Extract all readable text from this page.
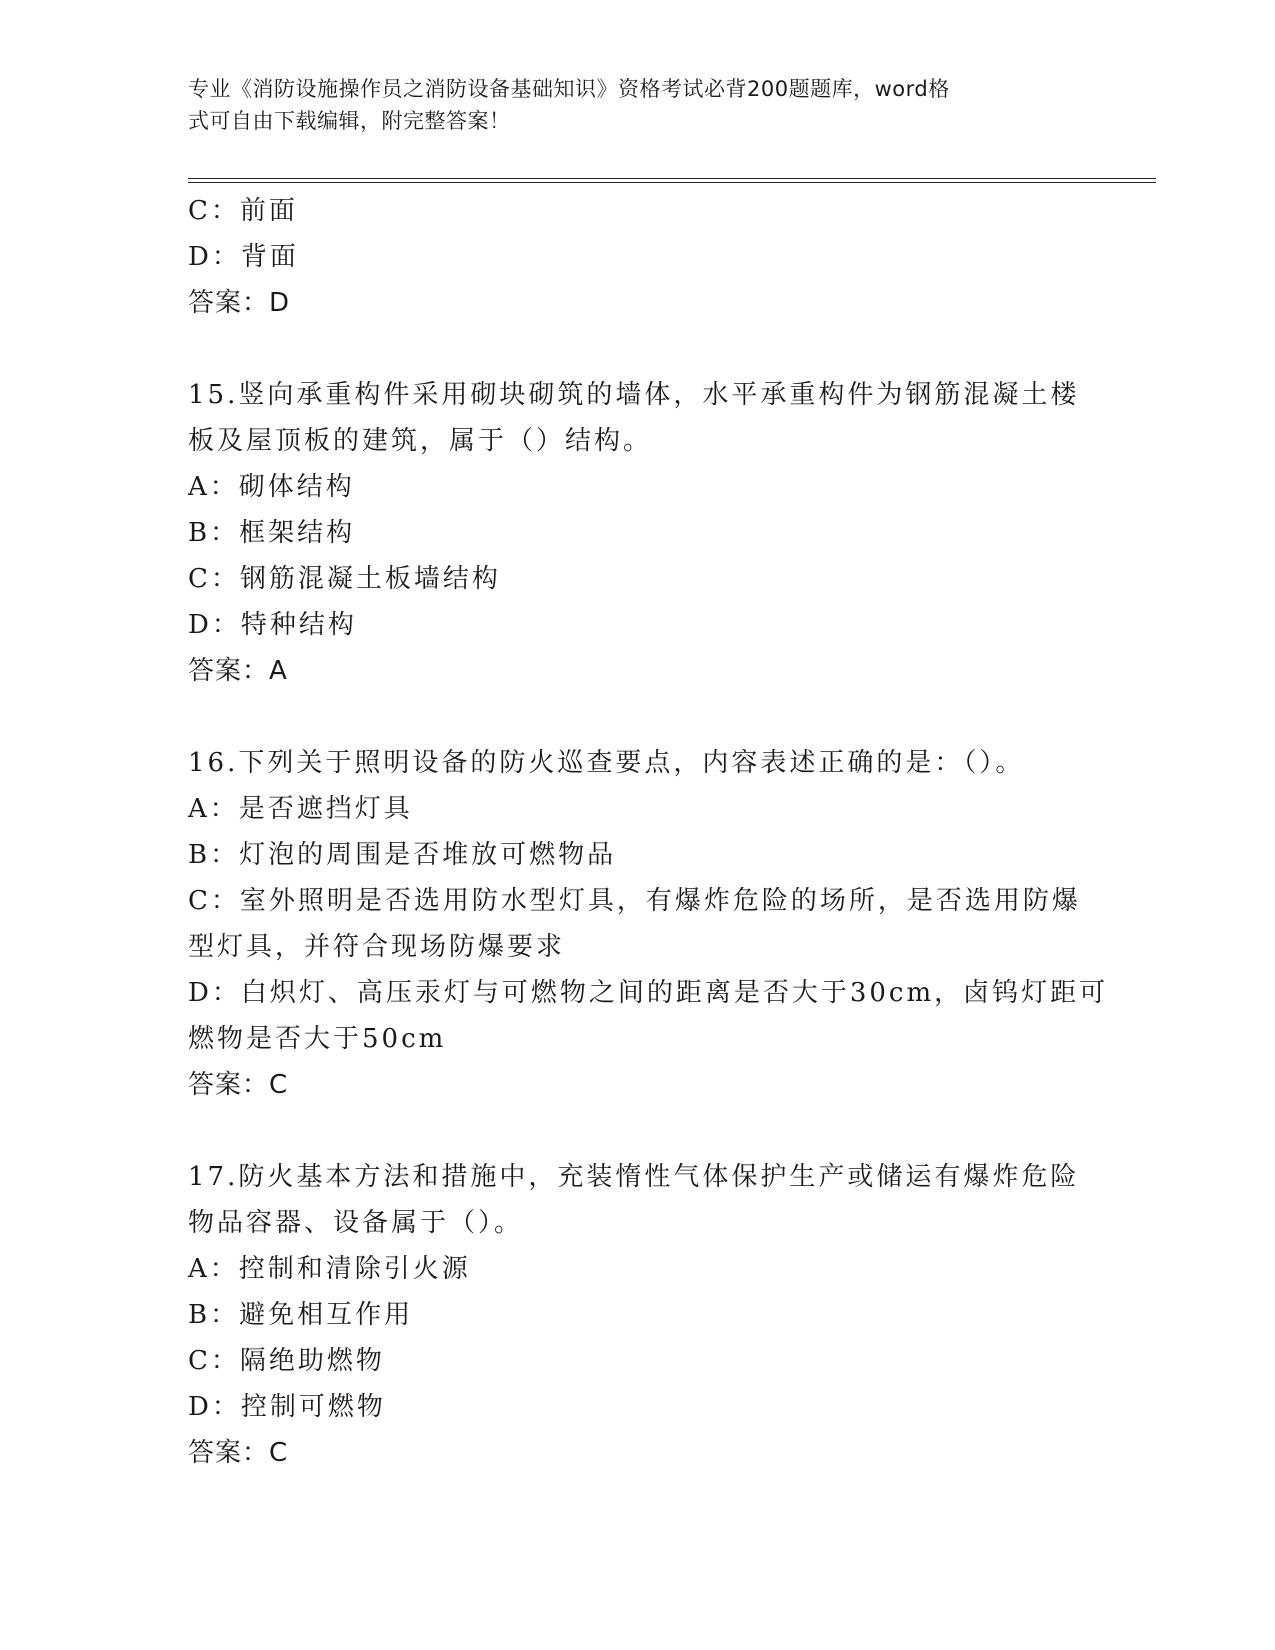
专业《消防设施操作员之消防设备基础知识》资格考试必背200题题库，word格
式可自由下载编辑，附完整答案！
C：前面
D：背面
答案：D
15.竖向承重构件采用砌块砌筑的墙体，水平承重构件为钢筋混凝土楼
板及屋顶板的建筑，属于（）结构。
A：砌体结构
B：框架结构
C：钢筋混凝土板墙结构
D：特种结构
答案：A
16.下列关于照明设备的防火巡查要点，内容表述正确的是：（）。
A：是否遮挡灯具
B：灯泡的周围是否堆放可燃物品
C：室外照明是否选用防水型灯具，有爆炸危险的场所，是否选用防爆
型灯具，并符合现场防爆要求
D：白炽灯、高压汞灯与可燃物之间的距离是否大于30cm，卤钨灯距可
燃物是否大于50cm
答案：C
17.防火基本方法和措施中，充装惰性气体保护生产或储运有爆炸危险
物品容器、设备属于（）。
A：控制和清除引火源
B：避免相互作用
C：隔绝助燃物
D：控制可燃物
答案：C
